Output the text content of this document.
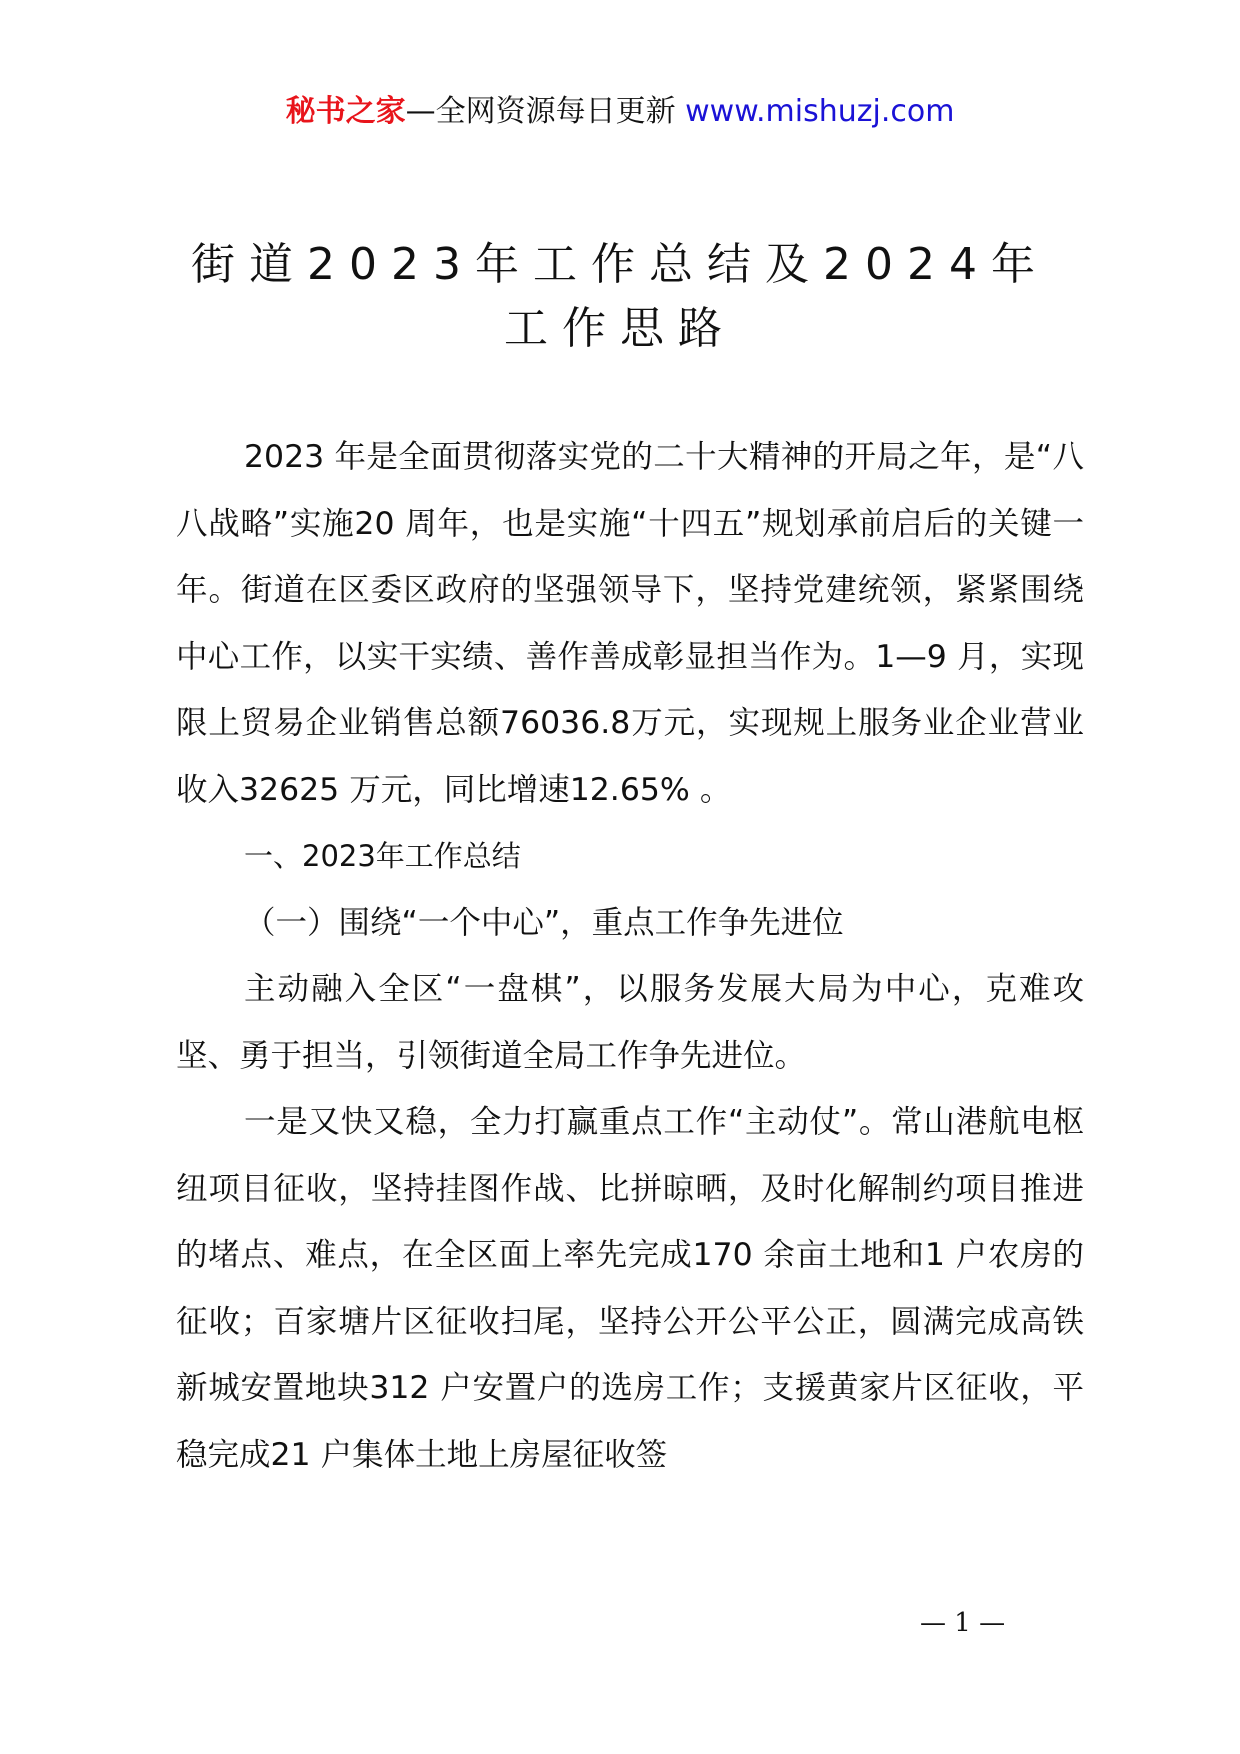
秘书之家—全网资源每日更新 www.mishuzj.com
街道2023年工作总结及2024年
工作思路

2023 年是全面贯彻落实党的二十大精神的开局之年，是“八八战略”实施20 周年，也是实施“十四五”规划承前启后的关键一年。街道在区委区政府的坚强领导下，坚持党建统领，紧紧围绕中心工作，以实干实绩、善作善成彰显担当作为。1—9 月，实现限上贸易企业销售总额76036.8万元，实现规上服务业企业营业收入32625 万元，同比增速12.65% 。

一、2023年工作总结

（一）围绕“一个中心”，重点工作争先进位

主动融入全区“一盘棋”，以服务发展大局为中心，克难攻坚、勇于担当，引领街道全局工作争先进位。

一是又快又稳，全力打赢重点工作“主动仗”。常山港航电枢纽项目征收，坚持挂图作战、比拼晾晒，及时化解制约项目推进的堵点、难点，在全区面上率先完成170 余亩土地和1 户农房的征收；百家塘片区征收扫尾，坚持公开公平公正，圆满完成高铁新城安置地块312 户安置户的选房工作；支援黄家片区征收，平稳完成21 户集体土地上房屋征收签

— 1 —
